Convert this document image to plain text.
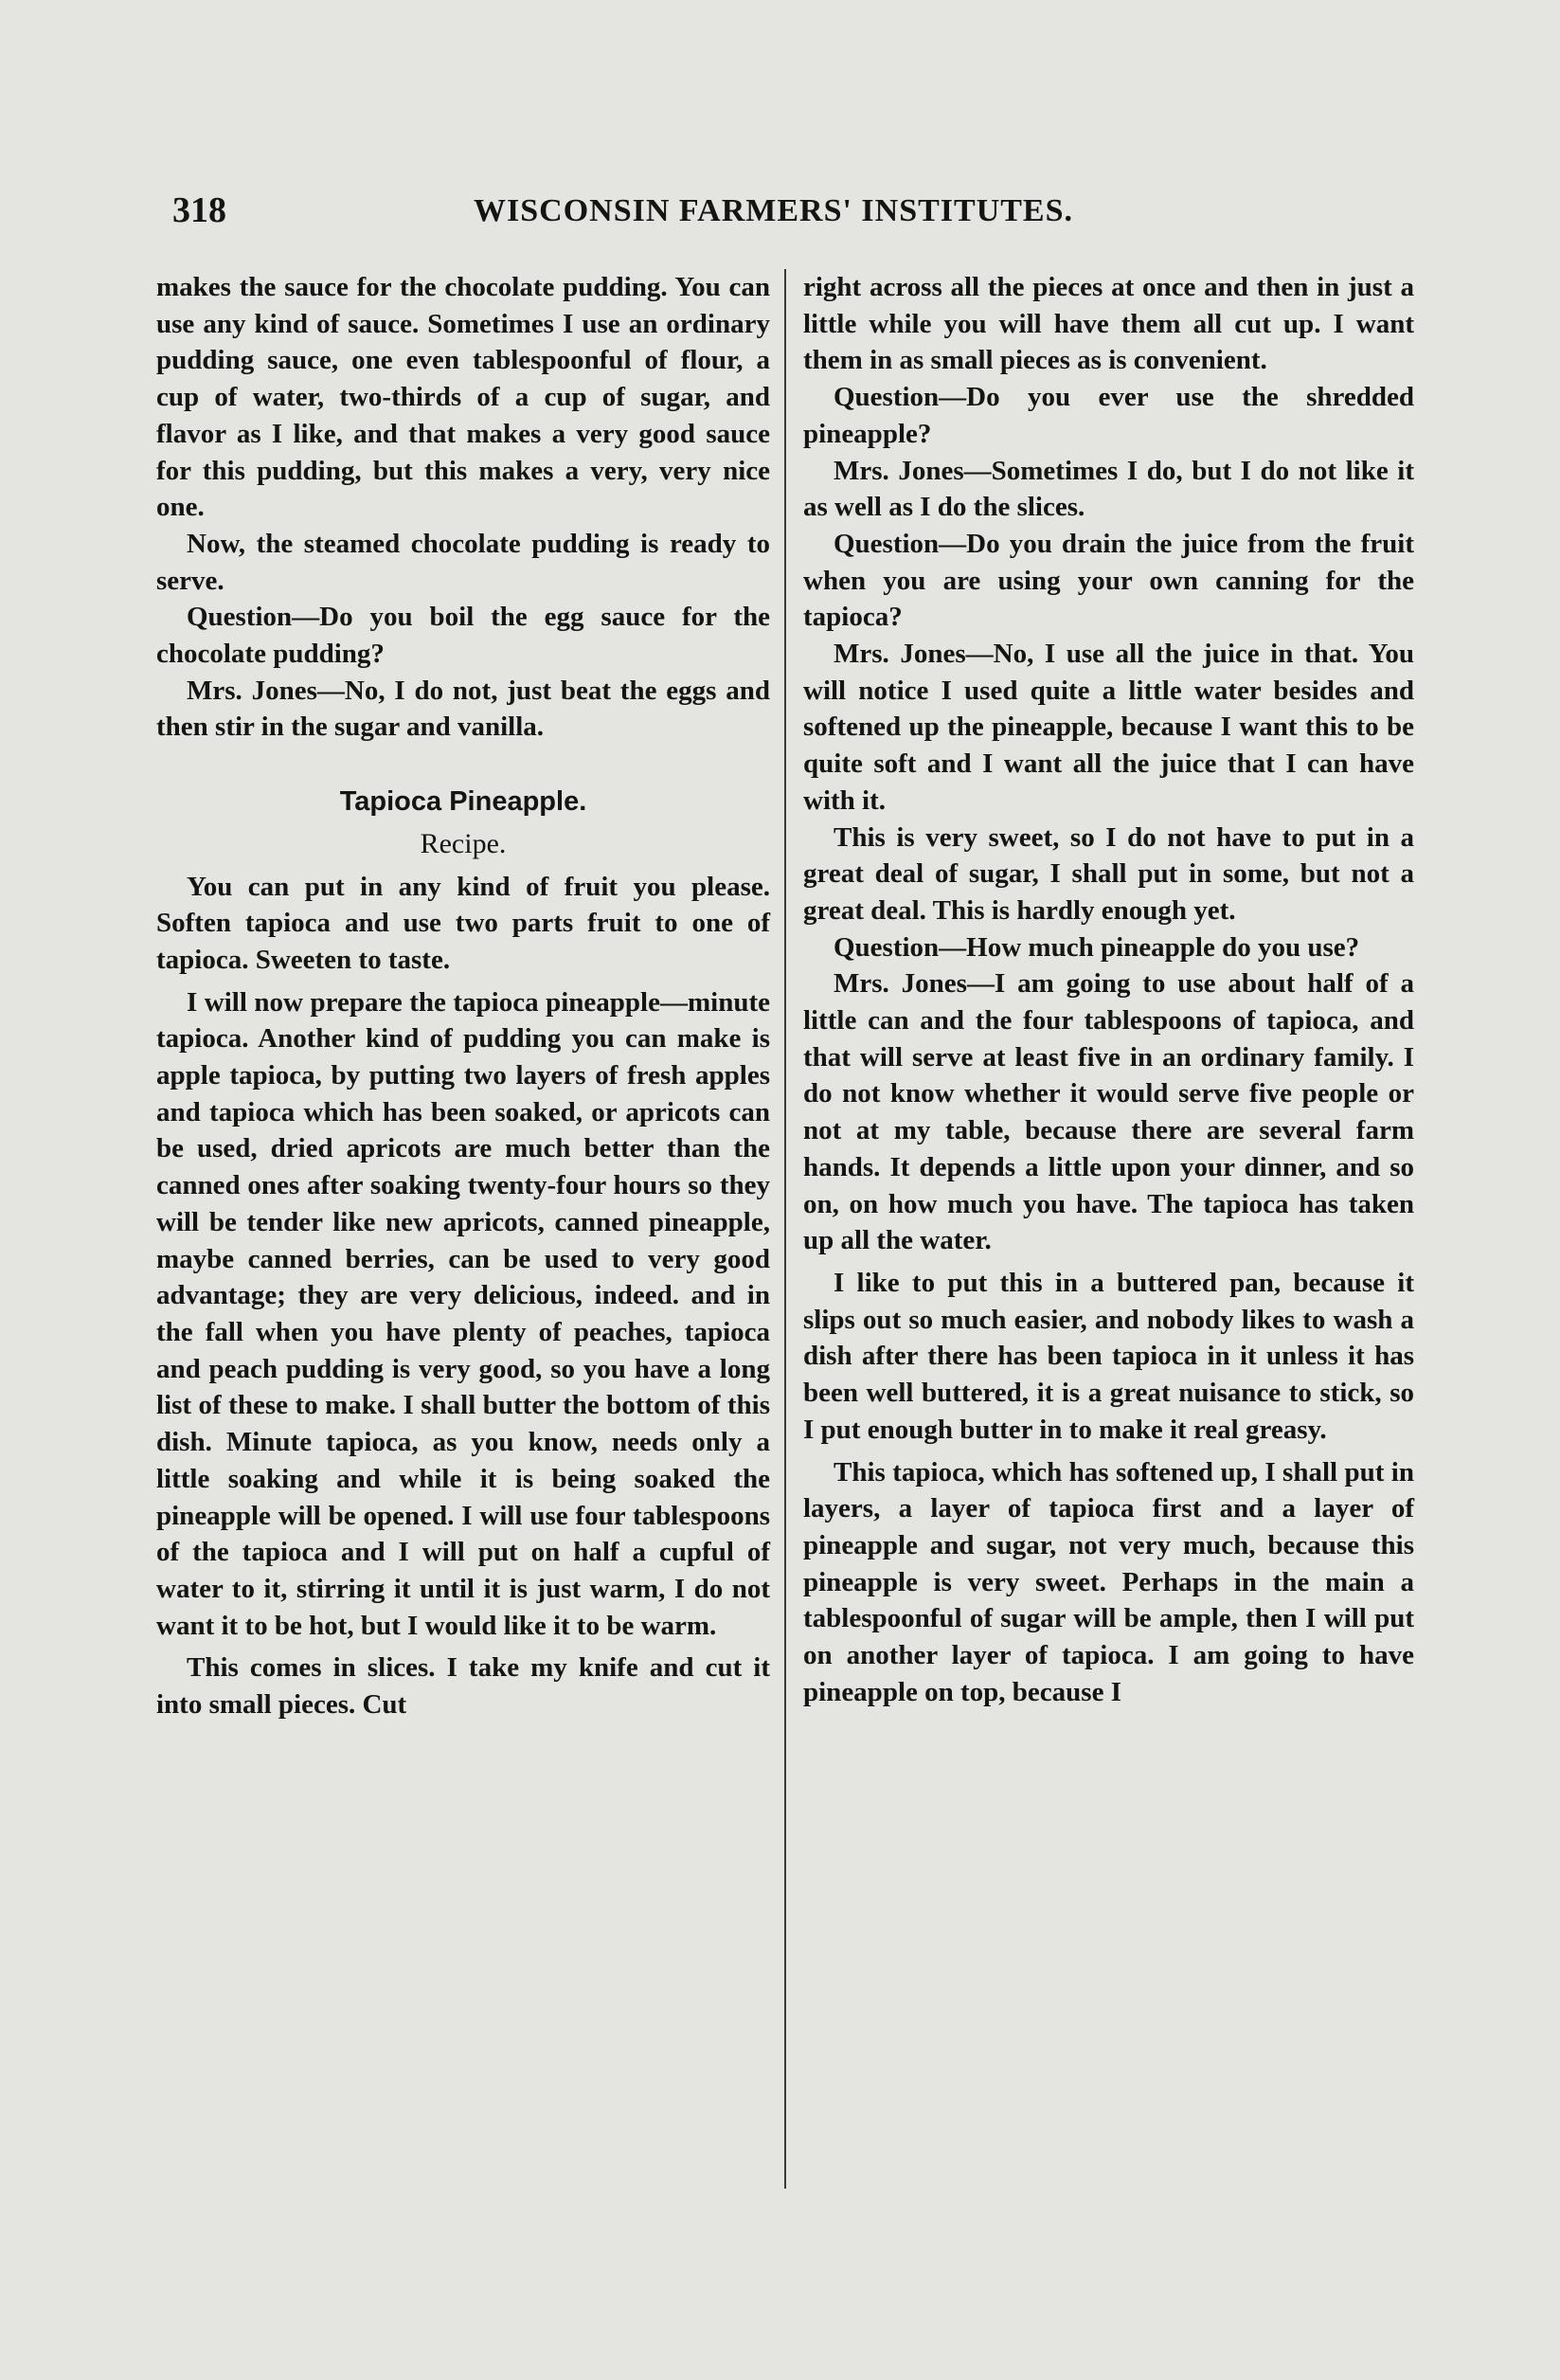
318	WISCONSIN FARMERS' INSTITUTES.

makes the sauce for the chocolate pudding. You can use any kind of sauce. Sometimes I use an ordinary pudding sauce, one even tablespoonful of flour, a cup of water, two-thirds of a cup of sugar, and flavor as I like, and that makes a very good sauce for this pudding, but this makes a very, very nice one.

Now, the steamed chocolate pudding is ready to serve.

Question—Do you boil the egg sauce for the chocolate pudding?

Mrs. Jones—No, I do not, just beat the eggs and then stir in the sugar and vanilla.

Tapioca Pineapple.

Recipe.

You can put in any kind of fruit you please. Soften tapioca and use two parts fruit to one of tapioca. Sweeten to taste.

I will now prepare the tapioca pineapple—minute tapioca. Another kind of pudding you can make is apple tapioca, by putting two layers of fresh apples and tapioca which has been soaked, or apricots can be used, dried apricots are much better than the canned ones after soaking twenty-four hours so they will be tender like new apricots, canned pineapple, maybe canned berries, can be used to very good advantage; they are very delicious, indeed. and in the fall when you have plenty of peaches, tapioca and peach pudding is very good, so you have a long list of these to make. I shall butter the bottom of this dish. Minute tapioca, as you know, needs only a little soaking and while it is being soaked the pineapple will be opened. I will use four tablespoons of the tapioca and I will put on half a cupful of water to it, stirring it until it is just warm, I do not want it to be hot, but I would like it to be warm.

This comes in slices. I take my knife and cut it into small pieces. Cut

right across all the pieces at once and then in just a little while you will have them all cut up. I want them in as small pieces as is convenient.

Question—Do you ever use the shredded pineapple?

Mrs. Jones—Sometimes I do, but I do not like it as well as I do the slices.

Question—Do you drain the juice from the fruit when you are using your own canning for the tapioca?

Mrs. Jones—No, I use all the juice in that. You will notice I used quite a little water besides and softened up the pineapple, because I want this to be quite soft and I want all the juice that I can have with it.

This is very sweet, so I do not have to put in a great deal of sugar, I shall put in some, but not a great deal. This is hardly enough yet.

Question—How much pineapple do you use?

Mrs. Jones—I am going to use about half of a little can and the four tablespoons of tapioca, and that will serve at least five in an ordinary family. I do not know whether it would serve five people or not at my table, because there are several farm hands. It depends a little upon your dinner, and so on, on how much you have. The tapioca has taken up all the water.

I like to put this in a buttered pan, because it slips out so much easier, and nobody likes to wash a dish after there has been tapioca in it unless it has been well buttered, it is a great nuisance to stick, so I put enough butter in to make it real greasy.

This tapioca, which has softened up, I shall put in layers, a layer of tapioca first and a layer of pineapple and sugar, not very much, because this pineapple is very sweet. Perhaps in the main a tablespoonful of sugar will be ample, then I will put on another layer of tapioca. I am going to have pineapple on top, because I
